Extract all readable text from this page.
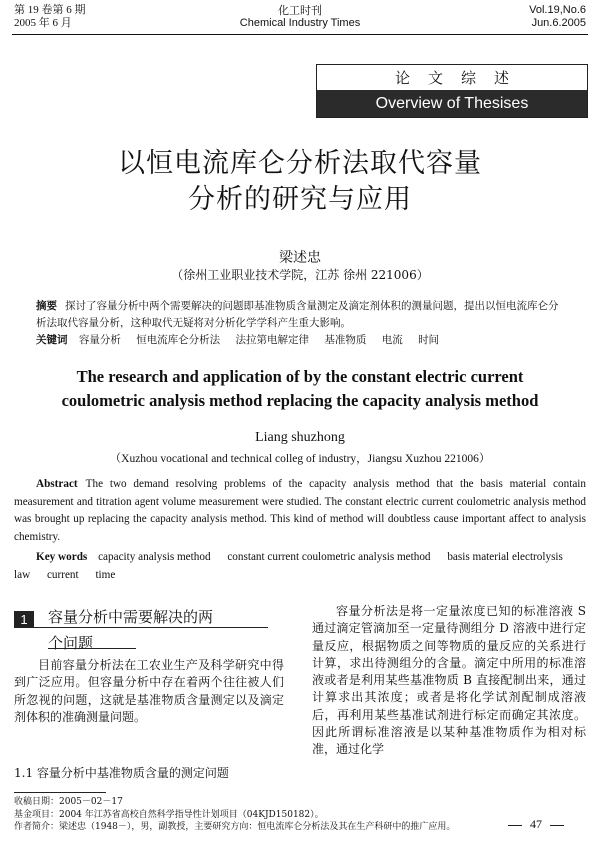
第 19 卷第 6 期
2005 年 6 月
化工时刊
Chemical Industry Times
Vol.19,No.6
Jun.6.2005
论文综述
Overview of Thesises
以恒电流库仑分析法取代容量
分析的研究与应用
梁述忠
（徐州工业职业技术学院，江苏 徐州 221006）
摘要 探讨了容量分析中两个需要解决的问题即基准物质含量测定及滴定剂体积的测量问题，提出以恒电流库仑分析法取代容量分析，这种取代无疑将对分析化学学科产生重大影响。
关键词 容量分析 恒电流库仑分析法 法拉第电解定律 基准物质 电流 时间
The research and application of by the constant electric current
coulometric analysis method replacing the capacity analysis method
Liang shuzhong
（Xuzhou vocational and technical colleg of industry，Jiangsu Xuzhou 221006）
Abstract The two demand resolving problems of the capacity analysis method that the basis material contain measurement and titration agent volume measurement were studied. The constant electric current coulometric analysis method was brought up replacing the capacity analysis method. This kind of method will doubtless cause important affect to analysis chemistry.
Key words capacity analysis method constant current coulometric analysis method basis material electrolysis law current time
1	容量分析中需要解决的两
个问题
目前容量分析法在工农业生产及科学研究中得到广泛应用。但容量分析中存在着两个往往被人们所忽视的问题，这就是基准物质含量测定以及滴定剂体积的准确测量问题。
1.1 容量分析中基准物质含量的测定问题
容量分析法是将一定量浓度已知的标准溶液 S 通过滴定管滴加至一定量待测组分 D 溶液中进行定量反应，根据物质之间等物质的量反应的关系进行计算，求出待测组分的含量。滴定中所用的标准溶液或者是利用某些基准物质 B 直接配制出来，通过计算求出其浓度；或者是将化学试剂配制成溶液后，再利用某些基准试剂进行标定而确定其浓度。因此所谓标准溶液是以某种基准物质作为相对标准，通过化学
收稿日期：2005－02－17
基金项目：2004 年江苏省高校自然科学指导性计划项目（04KJD150182）。
作者简介：梁述忠（1948－），男，副教授，主要研究方向：恒电流库仑分析法及其在生产科研中的推广应用。	47
